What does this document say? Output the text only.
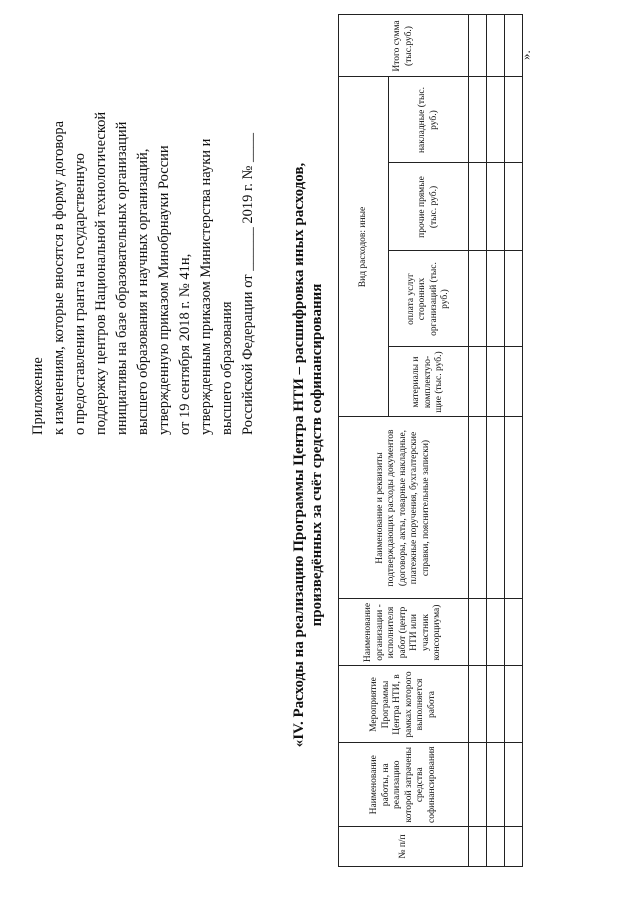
Приложение к изменениям, которые вносятся в форму договора о предоставлении гранта на государственную поддержку центров Национальной технологической инициативы на базе образовательных организаций высшего образования и научных организаций, утвержденную приказом Минобрнауки России от 19 сентября 2018 г. № 41н, утвержденным приказом Министерства науки и высшего образования Российской Федерации от ______ 2019 г. № ____ «IV. Расходы на реализацию Программы Центра НТИ – расшифровка иных расходов, произведённых за счёт средств софинансирования
№ п/п	Наименование работы, на реализацию которой затрачены средства софинансирования	Мероприятие Программы Центра НТИ, в рамках которого выполняется работа	Наименование организации - исполнителя работ (центр НТИ или участник консорциума)	Наименование и реквизиты подтверждающих расходы документов (договоры, акты, товарные накладные, платежные поручения, бухгалтерские справки, пояснительные записки)	Вид расходов: иные				Итого сумма (тыс.руб.)
					материалы и комплектую-щие (тыс. руб.)	оплата услуг сторонних организаций (тыс. руб.)	прочие прямые (тыс. руб.)	накладные (тыс. руб.)	

».
